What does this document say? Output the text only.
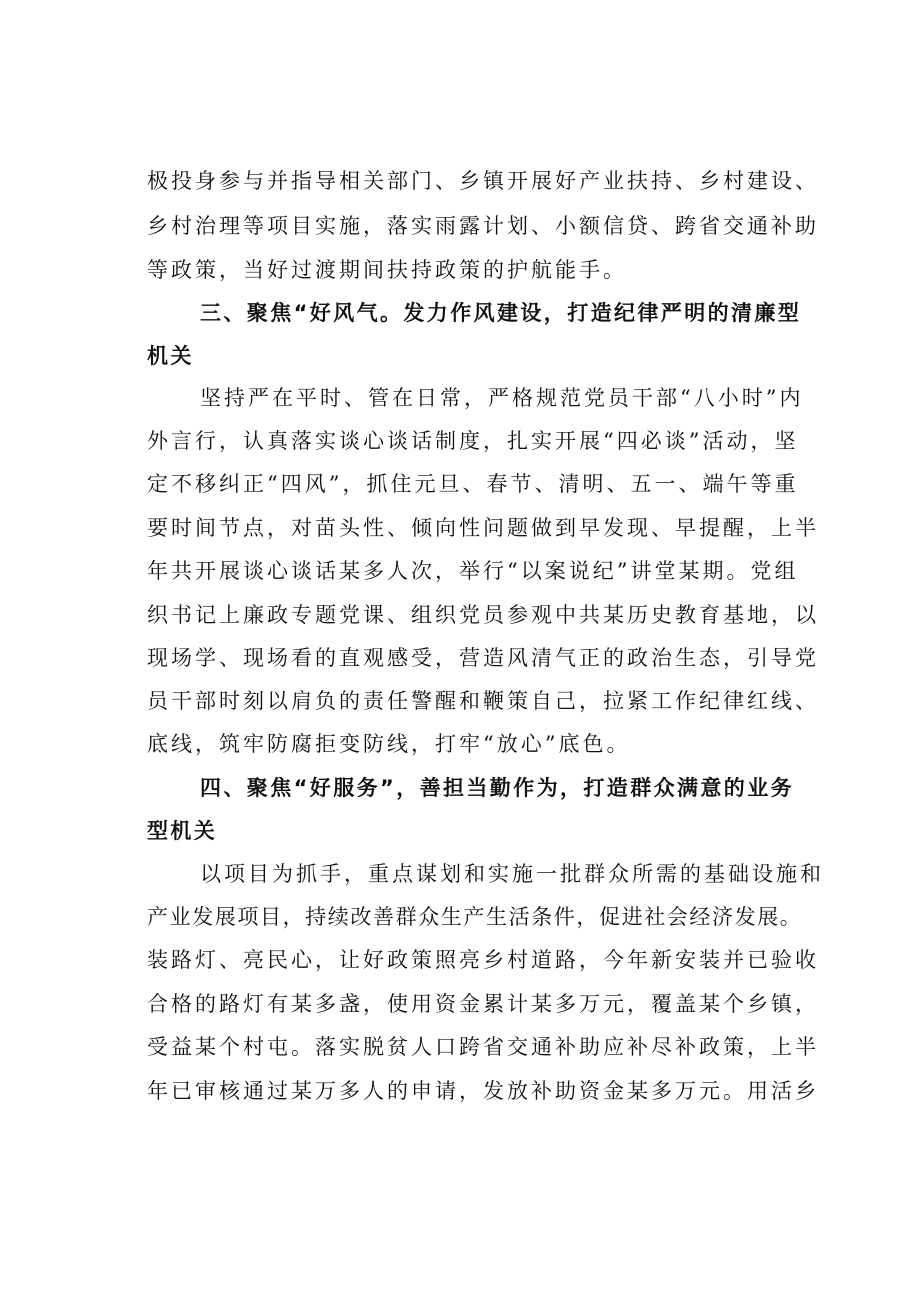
极投身参与并指导相关部门、乡镇开展好产业扶持、乡村建设、
乡村治理等项目实施，落实雨露计划、小额信贷、跨省交通补助
等政策，当好过渡期间扶持政策的护航能手。
三、聚焦“好风气。发力作风建设，打造纪律严明的清廉型
机关
坚持严在平时、管在日常，严格规范党员干部“八小时”内
外言行，认真落实谈心谈话制度，扎实开展“四必谈”活动，坚
定不移纠正“四风”，抓住元旦、春节、清明、五一、端午等重
要时间节点，对苗头性、倾向性问题做到早发现、早提醒，上半
年共开展谈心谈话某多人次，举行“以案说纪”讲堂某期。党组
织书记上廉政专题党课、组织党员参观中共某历史教育基地，以
现场学、现场看的直观感受，营造风清气正的政治生态，引导党
员干部时刻以肩负的责任警醒和鞭策自己，拉紧工作纪律红线、
底线，筑牢防腐拒变防线，打牢“放心”底色。
四、聚焦“好服务”，善担当勤作为，打造群众满意的业务
型机关
以项目为抓手，重点谋划和实施一批群众所需的基础设施和
产业发展项目，持续改善群众生产生活条件，促进社会经济发展。
装路灯、亮民心，让好政策照亮乡村道路，今年新安装并已验收
合格的路灯有某多盏，使用资金累计某多万元，覆盖某个乡镇，
受益某个村屯。落实脱贫人口跨省交通补助应补尽补政策，上半
年已审核通过某万多人的申请，发放补助资金某多万元。用活乡
